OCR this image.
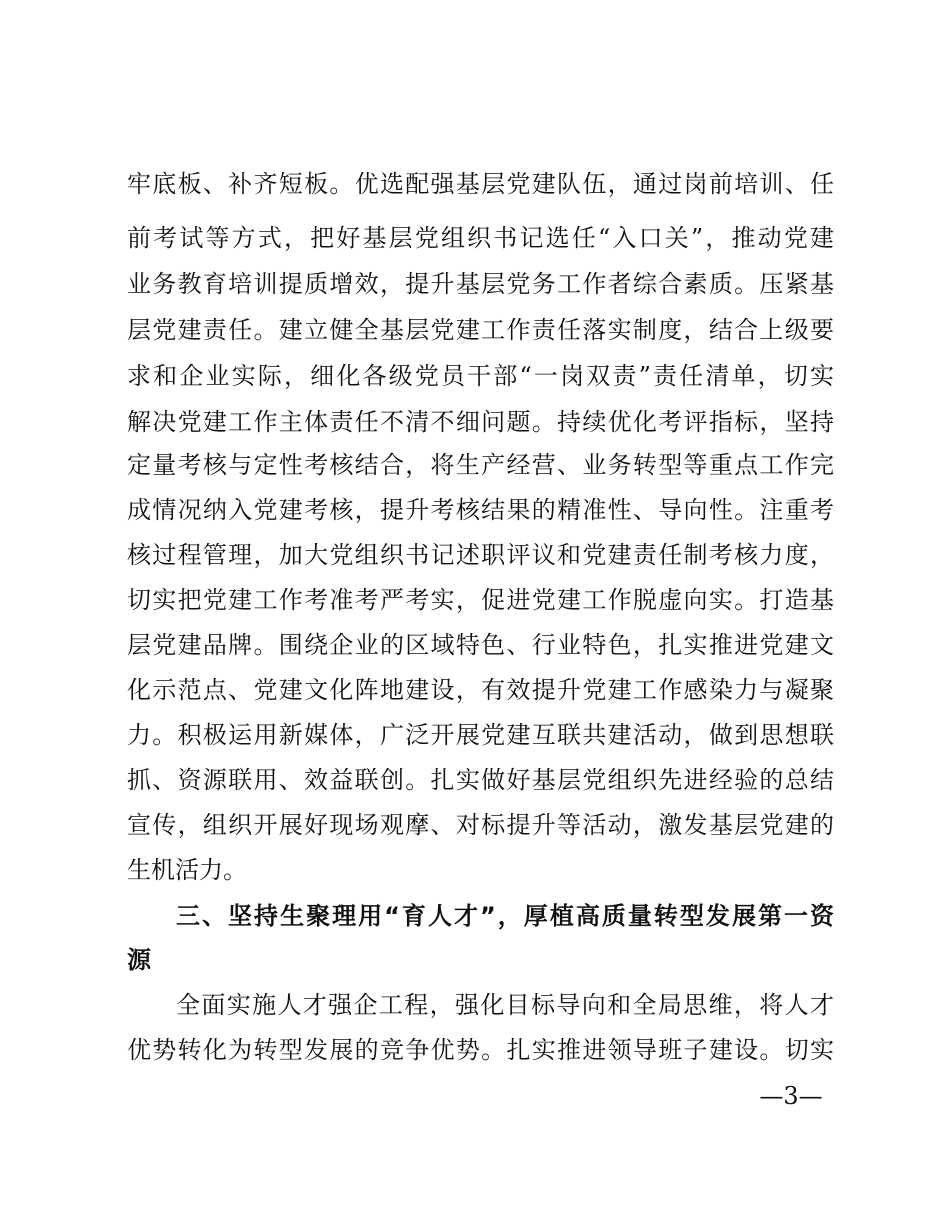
牢底板、补齐短板。优选配强基层党建队伍，通过岗前培训、任
前考试等方式，把好基层党组织书记选任“入口关”，推动党建
业务教育培训提质增效，提升基层党务工作者综合素质。压紧基
层党建责任。建立健全基层党建工作责任落实制度，结合上级要
求和企业实际，细化各级党员干部“一岗双责”责任清单，切实
解决党建工作主体责任不清不细问题。持续优化考评指标，坚持
定量考核与定性考核结合，将生产经营、业务转型等重点工作完
成情况纳入党建考核，提升考核结果的精准性、导向性。注重考
核过程管理，加大党组织书记述职评议和党建责任制考核力度，
切实把党建工作考准考严考实，促进党建工作脱虚向实。打造基
层党建品牌。围绕企业的区域特色、行业特色，扎实推进党建文
化示范点、党建文化阵地建设，有效提升党建工作感染力与凝聚
力。积极运用新媒体，广泛开展党建互联共建活动，做到思想联
抓、资源联用、效益联创。扎实做好基层党组织先进经验的总结
宣传，组织开展好现场观摩、对标提升等活动，激发基层党建的
生机活力。
三、坚持生聚理用“育人才”，厚植高质量转型发展第一资
源
全面实施人才强企工程，强化目标导向和全局思维，将人才
优势转化为转型发展的竞争优势。扎实推进领导班子建设。切实
—3—
